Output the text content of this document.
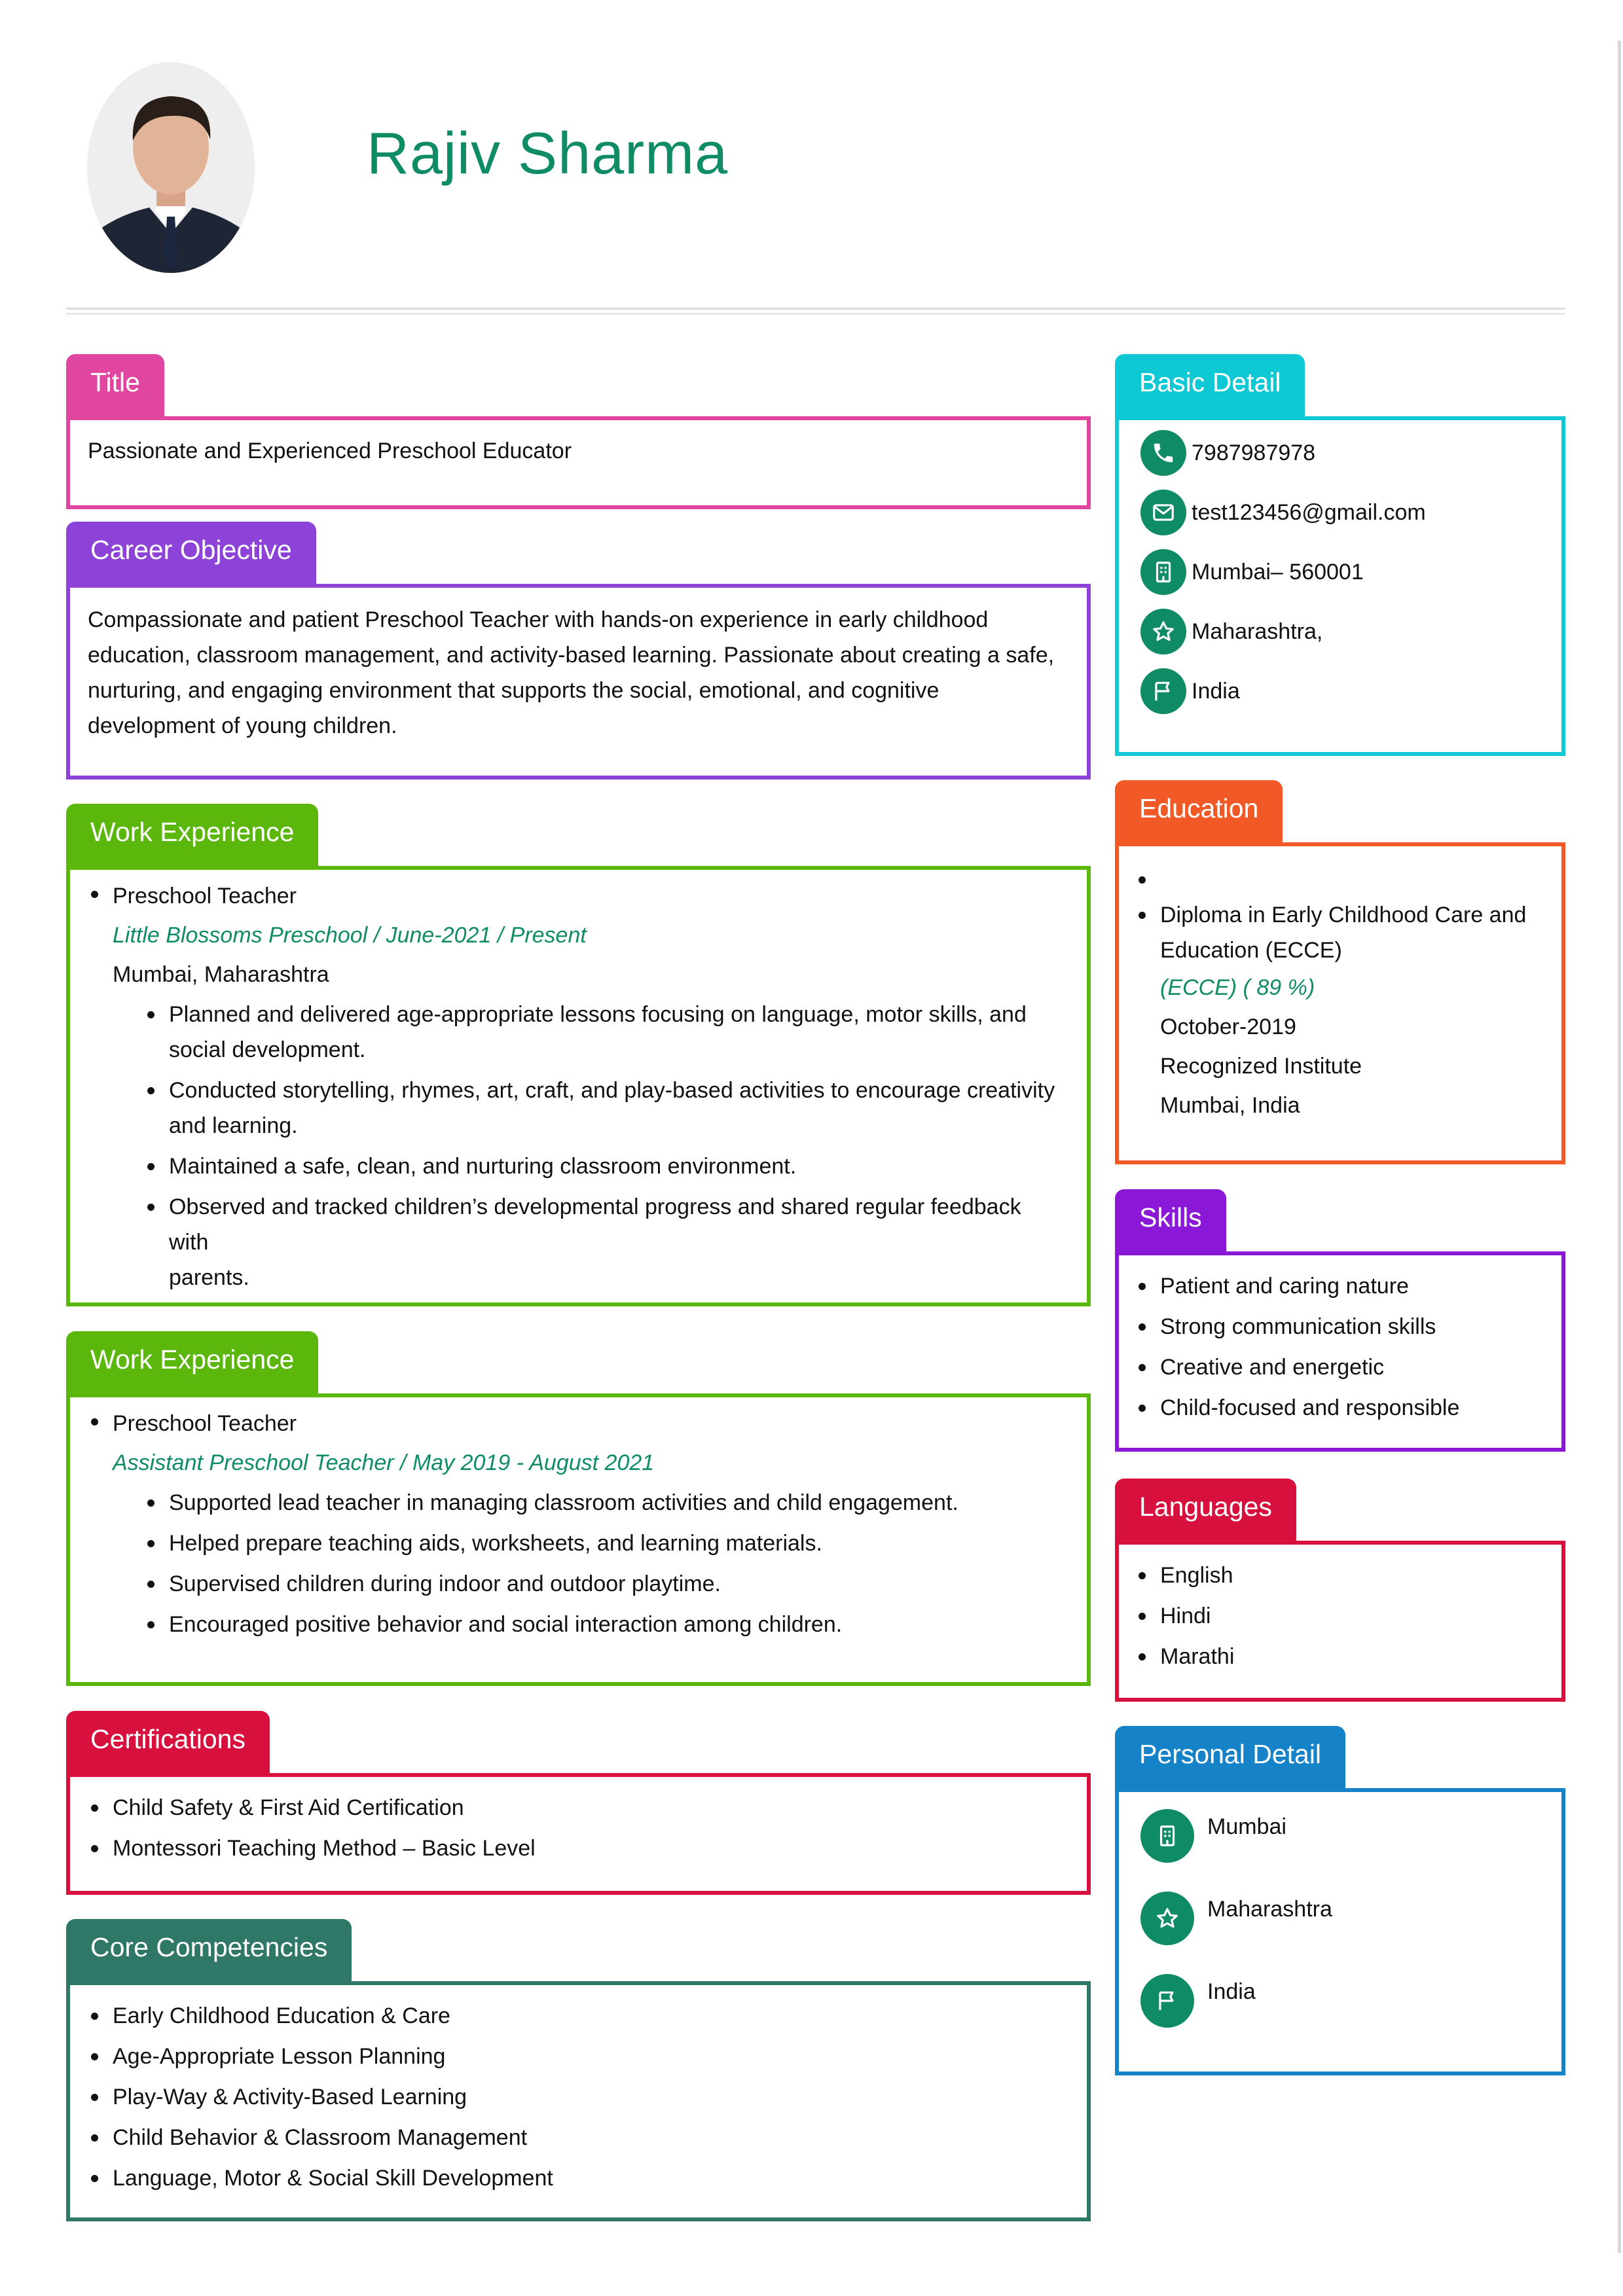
Rajiv Sharma
Title
Passionate and Experienced Preschool Educator
Career Objective
Compassionate and patient Preschool Teacher with hands-on experience in early childhood
education, classroom management, and activity-based learning. Passionate about creating a safe,
nurturing, and engaging environment that supports the social, emotional, and cognitive
development of young children.
Work Experience
Preschool Teacher
Little Blossoms Preschool / June-2021 / Present
Mumbai, Maharashtra
Planned and delivered age-appropriate lessons focusing on language, motor skills, and
social development.
Conducted storytelling, rhymes, art, craft, and play-based activities to encourage creativity
and learning.
Maintained a safe, clean, and nurturing classroom environment.
Observed and tracked children’s developmental progress and shared regular feedback with
parents.
Work Experience
Preschool Teacher
Assistant Preschool Teacher / May 2019 - August 2021
Supported lead teacher in managing classroom activities and child engagement.
Helped prepare teaching aids, worksheets, and learning materials.
Supervised children during indoor and outdoor playtime.
Encouraged positive behavior and social interaction among children.
Certifications
Child Safety & First Aid Certification
Montessori Teaching Method – Basic Level
Core Competencies
Early Childhood Education & Care
Age-Appropriate Lesson Planning
Play-Way & Activity-Based Learning
Child Behavior & Classroom Management
Language, Motor & Social Skill Development
Basic Detail
7987987978
test123456@gmail.com
Mumbai– 560001
Maharashtra,
India
Education
Diploma in Early Childhood Care and
Education (ECCE)
(ECCE) ( 89 %)
October-2019
Recognized Institute
Mumbai, India
Skills
Patient and caring nature
Strong communication skills
Creative and energetic
Child-focused and responsible
Languages
English
Hindi
Marathi
Personal Detail
Mumbai
Maharashtra
India
